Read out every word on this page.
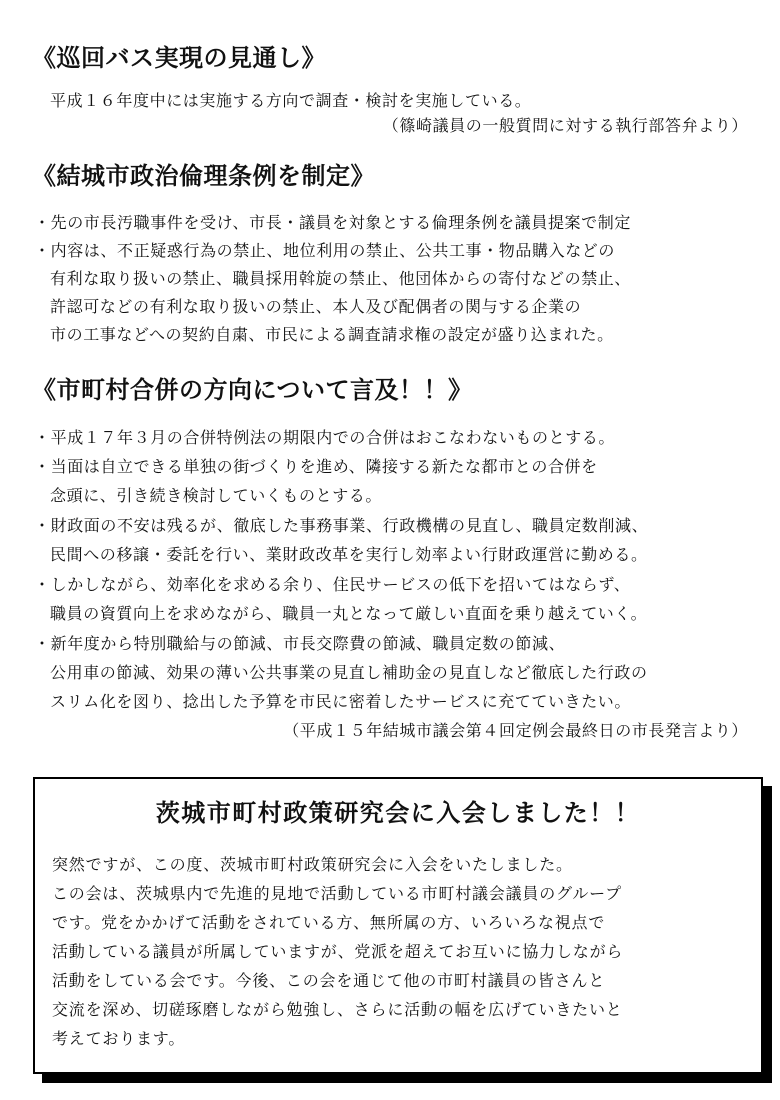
《巡回バス実現の見通し》

平成１６年度中には実施する方向で調査・検討を実施している。

（篠崎議員の一般質問に対する執行部答弁より）

《結城市政治倫理条例を制定》

・先の市長汚職事件を受け、市長・議員を対象とする倫理条例を議員提案で制定

・内容は、不正疑惑行為の禁止、地位利用の禁止、公共工事・物品購入などの

有利な取り扱いの禁止、職員採用斡旋の禁止、他団体からの寄付などの禁止、

許認可などの有利な取り扱いの禁止、本人及び配偶者の関与する企業の

市の工事などへの契約自粛、市民による調査請求権の設定が盛り込まれた。

《市町村合併の方向について言及！！》

・平成１７年３月の合併特例法の期限内での合併はおこなわないものとする。

・当面は自立できる単独の街づくりを進め、隣接する新たな都市との合併を

念頭に、引き続き検討していくものとする。

・財政面の不安は残るが、徹底した事務事業、行政機構の見直し、職員定数削減、

民間への移譲・委託を行い、業財政改革を実行し効率よい行財政運営に勤める。

・しかしながら、効率化を求める余り、住民サービスの低下を招いてはならず、

職員の資質向上を求めながら、職員一丸となって厳しい直面を乗り越えていく。

・新年度から特別職給与の節減、市長交際費の節減、職員定数の節減、

公用車の節減、効果の薄い公共事業の見直し補助金の見直しなど徹底した行政の

スリム化を図り、捻出した予算を市民に密着したサービスに充てていきたい。

（平成１５年結城市議会第４回定例会最終日の市長発言より）

茨城市町村政策研究会に入会しました！！

突然ですが、この度、茨城市町村政策研究会に入会をいたしました。

この会は、茨城県内で先進的見地で活動している市町村議会議員のグループ

です。党をかかげて活動をされている方、無所属の方、いろいろな視点で

活動している議員が所属していますが、党派を超えてお互いに協力しながら

活動をしている会です。今後、この会を通じて他の市町村議員の皆さんと

交流を深め、切磋琢磨しながら勉強し、さらに活動の幅を広げていきたいと

考えております。
